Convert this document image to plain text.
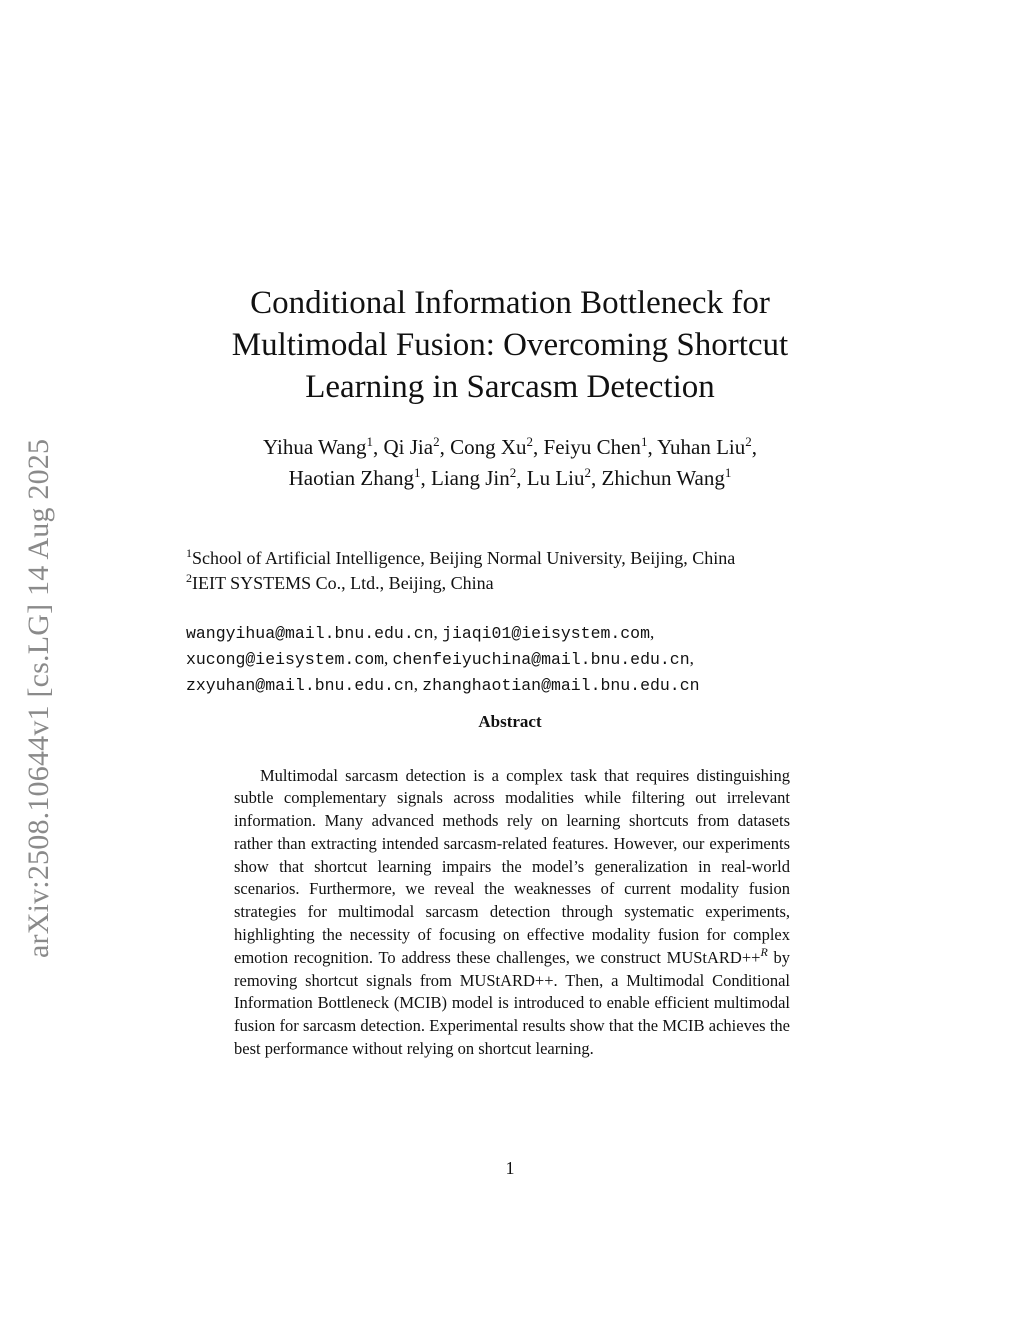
arXiv:2508.10644v1 [cs.LG] 14 Aug 2025
Conditional Information Bottleneck for
Multimodal Fusion: Overcoming Shortcut
Learning in Sarcasm Detection
Yihua Wang$^1$, Qi Jia$^2$, Cong Xu$^2$, Feiyu Chen$^1$, Yuhan Liu$^2$,
Haotian Zhang$^1$, Liang Jin$^2$, Lu Liu$^2$, Zhichun Wang$^1$
$^1$School of Artificial Intelligence, Beijing Normal University, Beijing, China
$^2$IEIT SYSTEMS Co., Ltd., Beijing, China
wangyihua@mail.bnu.edu.cn, jiaqi01@ieisystem.com,
xucong@ieisystem.com, chenfeiyuchina@mail.bnu.edu.cn,
zxyuhan@mail.bnu.edu.cn, zhanghaotian@mail.bnu.edu.cn
Abstract

Multimodal sarcasm detection is a complex task that requires distinguishing subtle complementary signals across modalities while filtering out irrelevant information. Many advanced methods rely on learning shortcuts from datasets rather than extracting intended sarcasm-related features. However, our experiments show that shortcut learning impairs the model’s generalization in real-world scenarios. Furthermore, we reveal the weaknesses of current modality fusion strategies for multimodal sarcasm detection through systematic experiments, highlighting the necessity of focusing on effective modality fusion for complex emotion recognition. To address these challenges, we construct MUStARD++$^R$ by removing shortcut signals from MUStARD++. Then, a Multimodal Conditional Information Bottleneck (MCIB) model is introduced to enable efficient multimodal fusion for sarcasm detection. Experimental results show that the MCIB achieves the best performance without relying on shortcut learning.

1
